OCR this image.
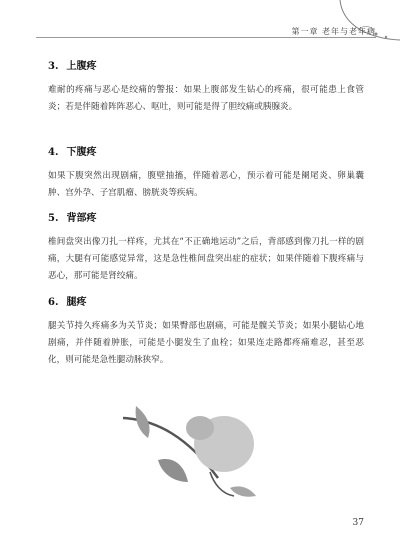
第一章 老年与老年病
3. 上腹疼

难耐的疼痛与恶心是绞痛的警报：如果上腹部发生钻心的疼痛，很可能患上食管炎；若是伴随着阵阵恶心、呕吐，则可能是得了胆绞痛或胰腺炎。

4. 下腹疼

如果下腹突然出现剧痛，腹壁抽搐，伴随着恶心，预示着可能是阑尾炎、卵巢囊肿、宫外孕、子宫肌瘤、膀胱炎等疾病。

5. 背部疼

椎间盘突出像刀扎一样疼，尤其在“不正确地运动”之后，背部感到像刀扎一样的剧痛，大腿有可能感觉异常，这是急性椎间盘突出症的症状；如果伴随着下腹疼痛与恶心，那可能是肾绞痛。

6. 腿疼

腿关节持久疼痛多为关节炎；如果臀部也剧痛，可能是髋关节炎；如果小腿钻心地剧痛，并伴随着肿胀，可能是小腿发生了血栓；如果连走路都疼痛难忍，甚至恶化，则可能是急性腿动脉狭窄。

37
